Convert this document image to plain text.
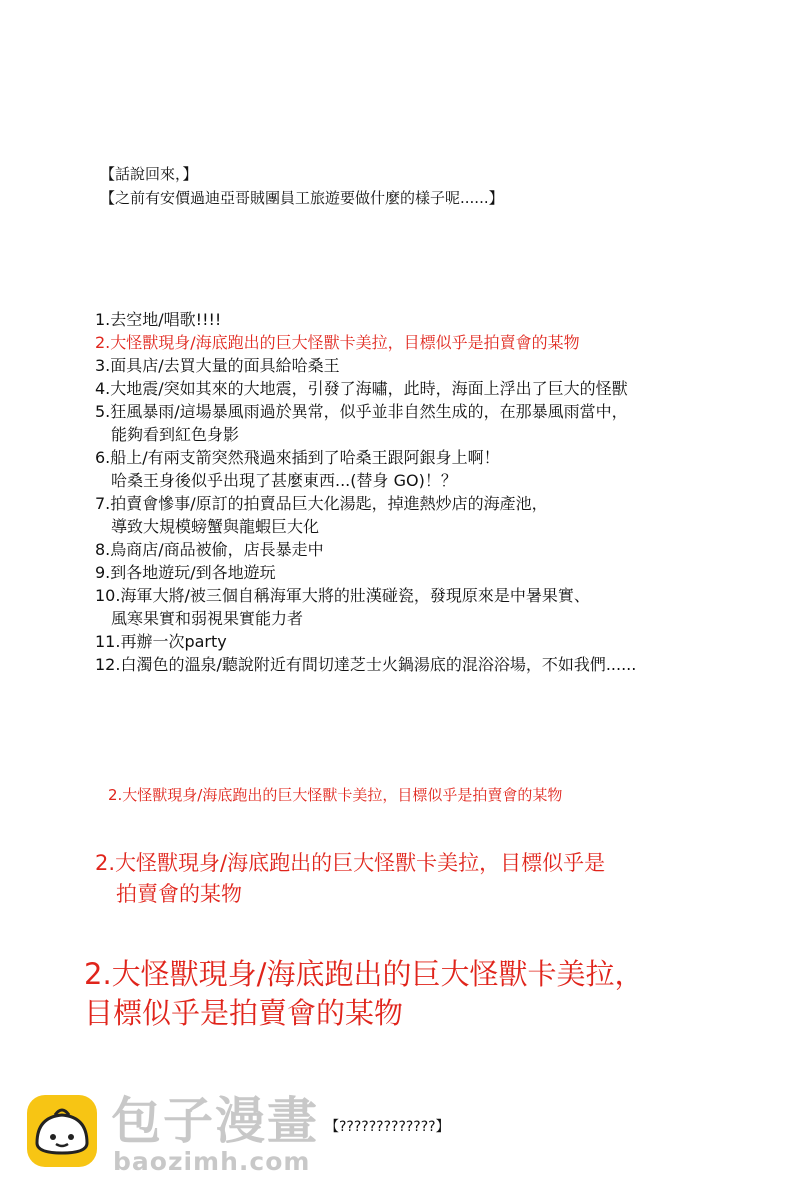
【話說回來，】
【之前有安價過迪亞哥賊團員工旅遊要做什麼的樣子呢......】
1.去空地/唱歌!!!!
2.大怪獸現身/海底跑出的巨大怪獸卡美拉，目標似乎是拍賣會的某物
3.面具店/去買大量的面具給哈桑王
4.大地震/突如其來的大地震，引發了海嘯，此時，海面上浮出了巨大的怪獸
5.狂風暴雨/這場暴風雨過於異常，似乎並非自然生成的，在那暴風雨當中，
能夠看到紅色身影
6.船上/有兩支箭突然飛過來插到了哈桑王跟阿銀身上啊！
哈桑王身後似乎出現了甚麼東西...(替身 GO)！？
7.拍賣會慘事/原訂的拍賣品巨大化湯匙，掉進熱炒店的海產池，
導致大規模螃蟹與龍蝦巨大化
8.鳥商店/商品被偷，店長暴走中
9.到各地遊玩/到各地遊玩
10.海軍大將/被三個自稱海軍大將的壯漢碰瓷，發現原來是中暑果實、
風寒果實和弱視果實能力者
11.再辦一次party
12.白濁色的溫泉/聽說附近有間切達芝士火鍋湯底的混浴浴場，不如我們......
2.大怪獸現身/海底跑出的巨大怪獸卡美拉，目標似乎是拍賣會的某物
2.大怪獸現身/海底跑出的巨大怪獸卡美拉，目標似乎是
拍賣會的某物
2.大怪獸現身/海底跑出的巨大怪獸卡美拉，
目標似乎是拍賣會的某物
包子漫畫
baozimh.com
【?????????????】
